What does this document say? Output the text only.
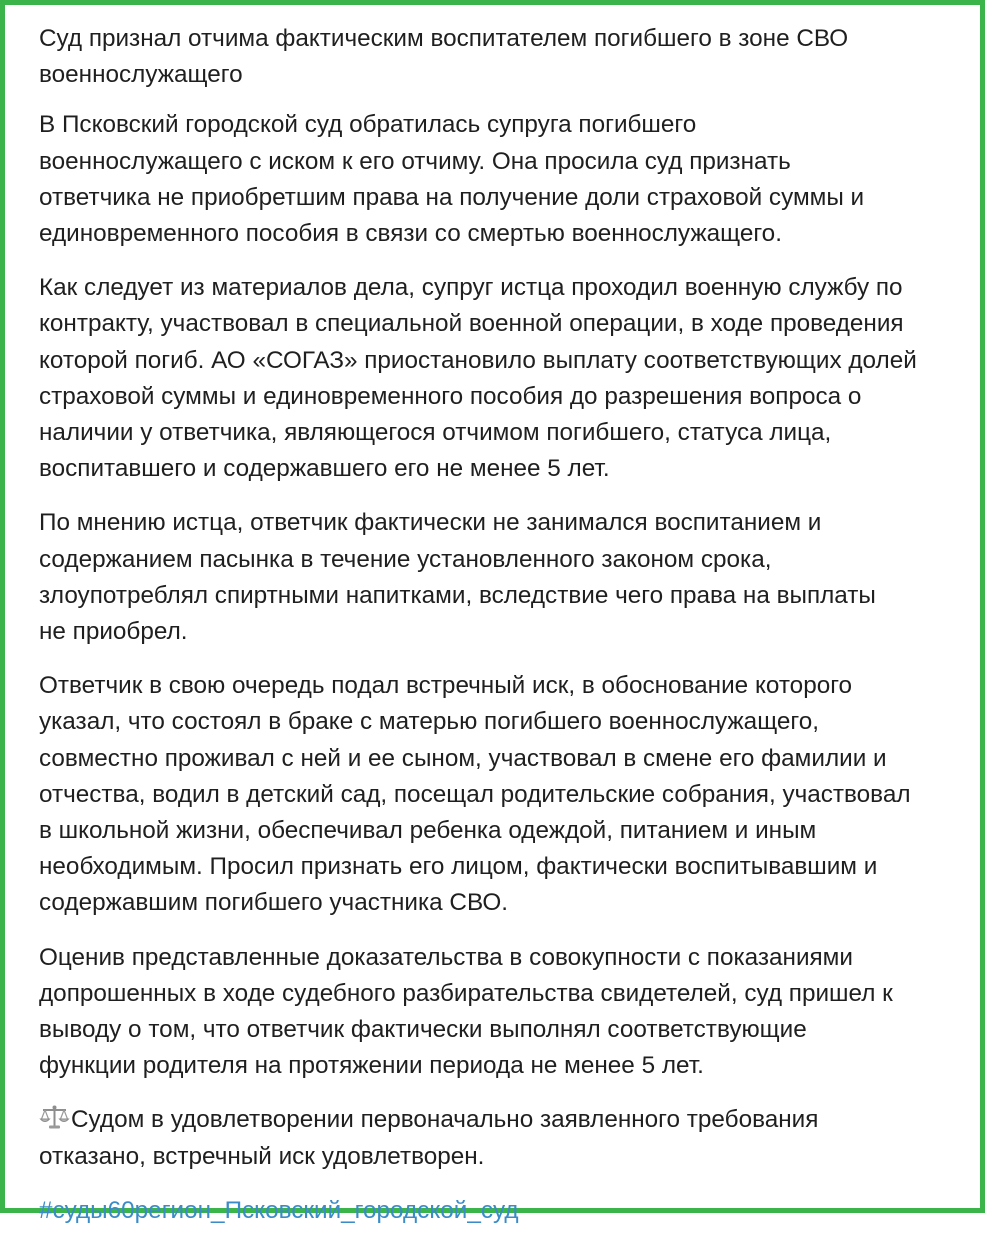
Суд признал отчима фактическим воспитателем погибшего в зоне СВО
военнослужащего

В Псковский городской суд обратилась супруга погибшего
военнослужащего с иском к его отчиму. Она просила суд признать
ответчика не приобретшим права на получение доли страховой суммы и
единовременного пособия в связи со смертью военнослужащего.

Как следует из материалов дела, супруг истца проходил военную службу по
контракту, участвовал в специальной военной операции, в ходе проведения
которой погиб. АО «СОГАЗ» приостановило выплату соответствующих долей
страховой суммы и единовременного пособия до разрешения вопроса о
наличии у ответчика, являющегося отчимом погибшего, статуса лица,
воспитавшего и содержавшего его не менее 5 лет.

По мнению истца, ответчик фактически не занимался воспитанием и
содержанием пасынка в течение установленного законом срока,
злоупотреблял спиртными напитками, вследствие чего права на выплаты
не приобрел.

Ответчик в свою очередь подал встречный иск, в обоснование которого
указал, что состоял в браке с матерью погибшего военнослужащего,
совместно проживал с ней и ее сыном, участвовал в смене его фамилии и
отчества, водил в детский сад, посещал родительские собрания, участвовал
в школьной жизни, обеспечивал ребенка одеждой, питанием и иным
необходимым. Просил признать его лицом, фактически воспитывавшим и
содержавшим погибшего участника СВО.

Оценив представленные доказательства в совокупности с показаниями
допрошенных в ходе судебного разбирательства свидетелей, суд пришел к
выводу о том, что ответчик фактически выполнял соответствующие
функции родителя на протяжении периода не менее 5 лет.

Судом в удовлетворении первоначально заявленного требования
отказано, встречный иск удовлетворен.

#суды60регион_Псковский_городской_суд
